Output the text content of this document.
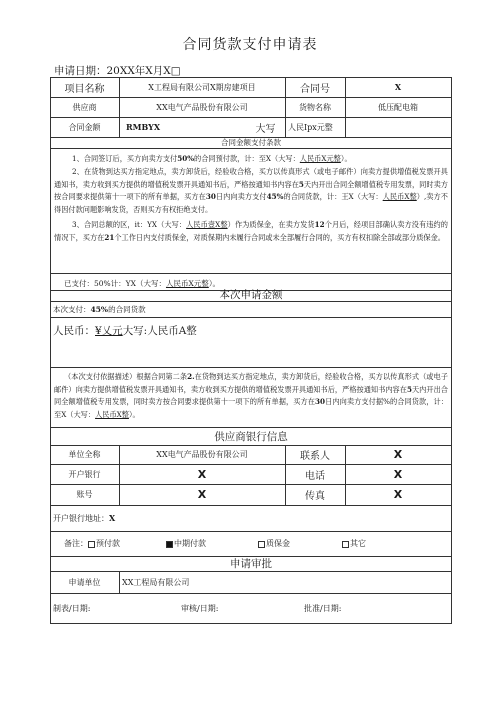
合同货款支付申请表
申请日期：20XX年X月X□
项目名称	X工程局有限公司X期房建项目	合同号	X
供应商	XX电气产品股份有限公司	货物名称	低压配电箱
合同金额	RMBYX	大写	人民Ipx元整
合同金额支付条款
1、合同签订后，买方向卖方支付50%的合同预付款，计：至X（大写：人民币X元整）。
2、在货物到达买方指定地点，卖方卸货后，经验收合格，买方以传真形式（或电子邮件）向卖方提供增值税发票开具通知书，卖方收到买方提供的增值税发票开具通知书后，严格按通知书内容在5天内开出合同全额增值税专用发票，同时卖方按合同要求提供第十一项下的所有单据，买方在30日内向卖方支付45%的合同货款，计：王X（大写：人民币X整）,卖方不得因付款问题影响发货，否则买方有权拒绝支付。
3、合同总额的区，it：YX（大写：人民币壹X整）作为质保金，在卖方发货12个月后，经项目部确认卖方没有违约的情况下，买方在21个工作日内支付质保金，对质保期内未履行合同或未全部履行合同的，买方有权扣除全部或部分质保金。
已支付：50%计：YX（大写： 人民币X元整 ）。
本次申请金额
本次支付： 45% 的合同货款
人民币： ¥乂元 大写:人民币A整
（本次支付依据描述）根据合同第二条2.在货物到达买方指定地点，卖方卸货后，经验收合格，买方以传真形式（或电子邮件）向卖方提供增值税发票开具通知书，卖方收到买方提供的增值税发票开具通知书后，严格按通知书内容在5天内开出合同全额增值税专用发票，同时卖方按合同要求提供第十一项下的所有单据，买方在30日内向卖方支付据%的合同货款，计：至X（大写：人民币X整）。
供应商银行信息
单位全称	XX电气产品股份有限公司	联系人	X
开户银行	X	电话	X
账号	X	传真	X
开户银行地址： X
备注：	预付款	中期付款	质保金	其它
申请审批
申请单位	XX工程局有限公司
制表/日期:	审核/日期:	批准/日期:
